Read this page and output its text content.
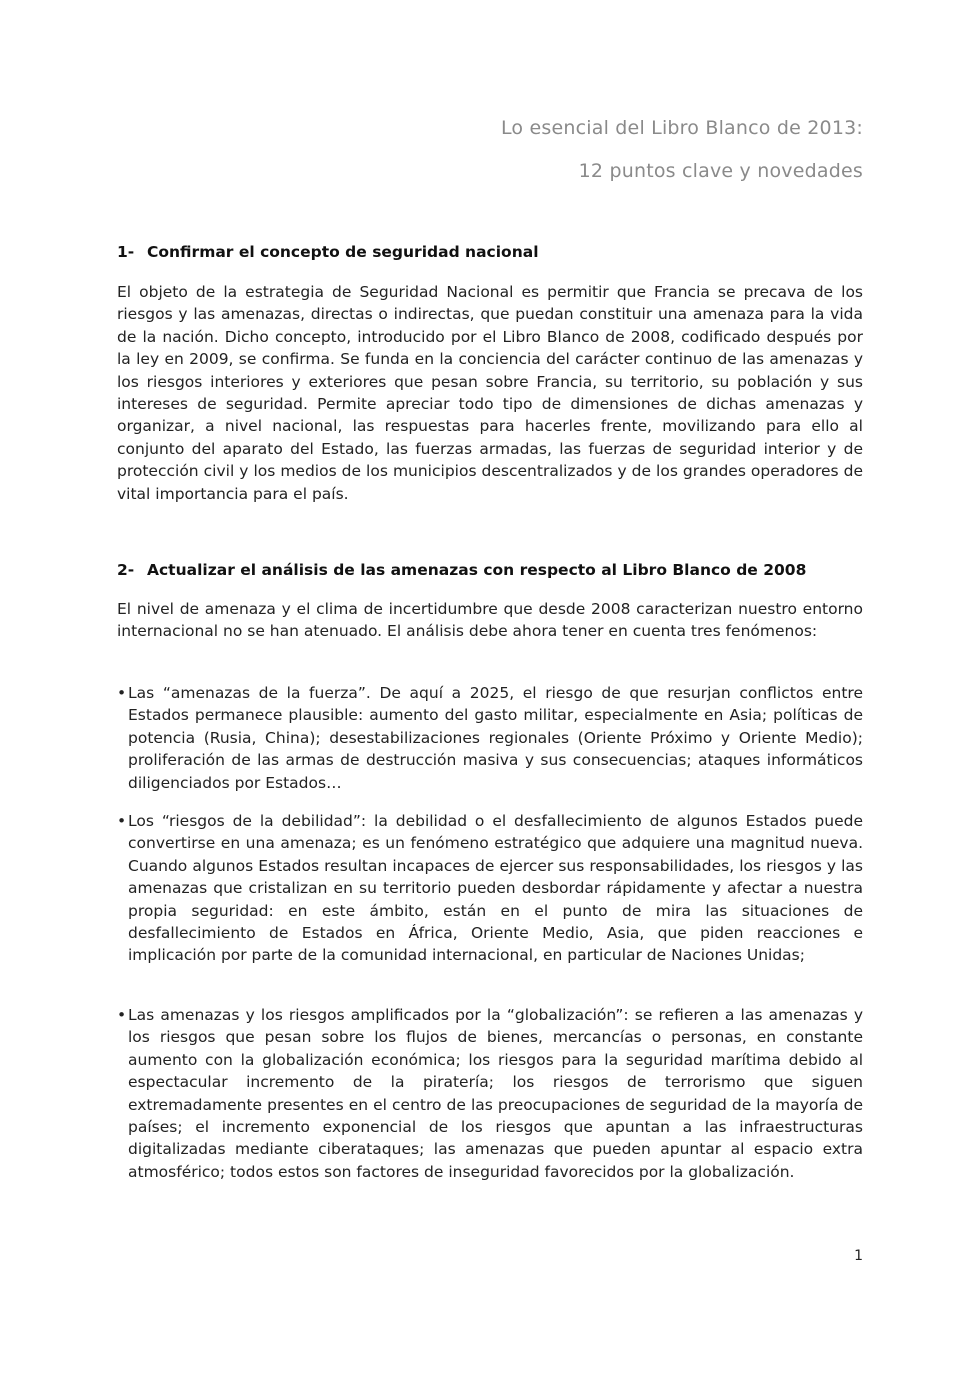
Lo esencial del Libro Blanco de 2013:
12 puntos clave y novedades
1- Confirmar el concepto de seguridad nacional
El objeto de la estrategia de Seguridad Nacional es permitir que Francia se precava de los riesgos y las amenazas, directas o indirectas, que puedan constituir una amenaza para la vida de la nación. Dicho concepto, introducido por el Libro Blanco de 2008, codificado después por la ley en 2009, se confirma. Se funda en la conciencia del carácter continuo de las amenazas y los riesgos interiores y exteriores que pesan sobre Francia, su territorio, su población y sus intereses de seguridad. Permite apreciar todo tipo de dimensiones de dichas amenazas y organizar, a nivel nacional, las respuestas para hacerles frente, movilizando para ello al conjunto del aparato del Estado, las fuerzas armadas, las fuerzas de seguridad interior y de protección civil y los medios de los municipios descentralizados y de los grandes operadores de vital importancia para el país.
2- Actualizar el análisis de las amenazas con respecto al Libro Blanco de 2008
El nivel de amenaza y el clima de incertidumbre que desde 2008 caracterizan nuestro entorno internacional no se han atenuado. El análisis debe ahora tener en cuenta tres fenómenos:
• Las “amenazas de la fuerza”. De aquí a 2025, el riesgo de que resurjan conflictos entre Estados permanece plausible: aumento del gasto militar, especialmente en Asia; políticas de potencia (Rusia, China); desestabilizaciones regionales (Oriente Próximo y Oriente Medio); proliferación de las armas de destrucción masiva y sus consecuencias; ataques informáticos diligenciados por Estados…
• Los “riesgos de la debilidad”: la debilidad o el desfallecimiento de algunos Estados puede convertirse en una amenaza; es un fenómeno estratégico que adquiere una magnitud nueva. Cuando algunos Estados resultan incapaces de ejercer sus responsabilidades, los riesgos y las amenazas que cristalizan en su territorio pueden desbordar rápidamente y afectar a nuestra propia seguridad: en este ámbito, están en el punto de mira las situaciones de desfallecimiento de Estados en África, Oriente Medio, Asia, que piden reacciones e implicación por parte de la comunidad internacional, en particular de Naciones Unidas;
• Las amenazas y los riesgos amplificados por la “globalización”: se refieren a las amenazas y los riesgos que pesan sobre los flujos de bienes, mercancías o personas, en constante aumento con la globalización económica; los riesgos para la seguridad marítima debido al espectacular incremento de la piratería; los riesgos de terrorismo que siguen extremadamente presentes en el centro de las preocupaciones de seguridad de la mayoría de países; el incremento exponencial de los riesgos que apuntan a las infraestructuras digitalizadas mediante ciberataques; las amenazas que pueden apuntar al espacio extra atmosférico; todos estos son factores de inseguridad favorecidos por la globalización.
1
